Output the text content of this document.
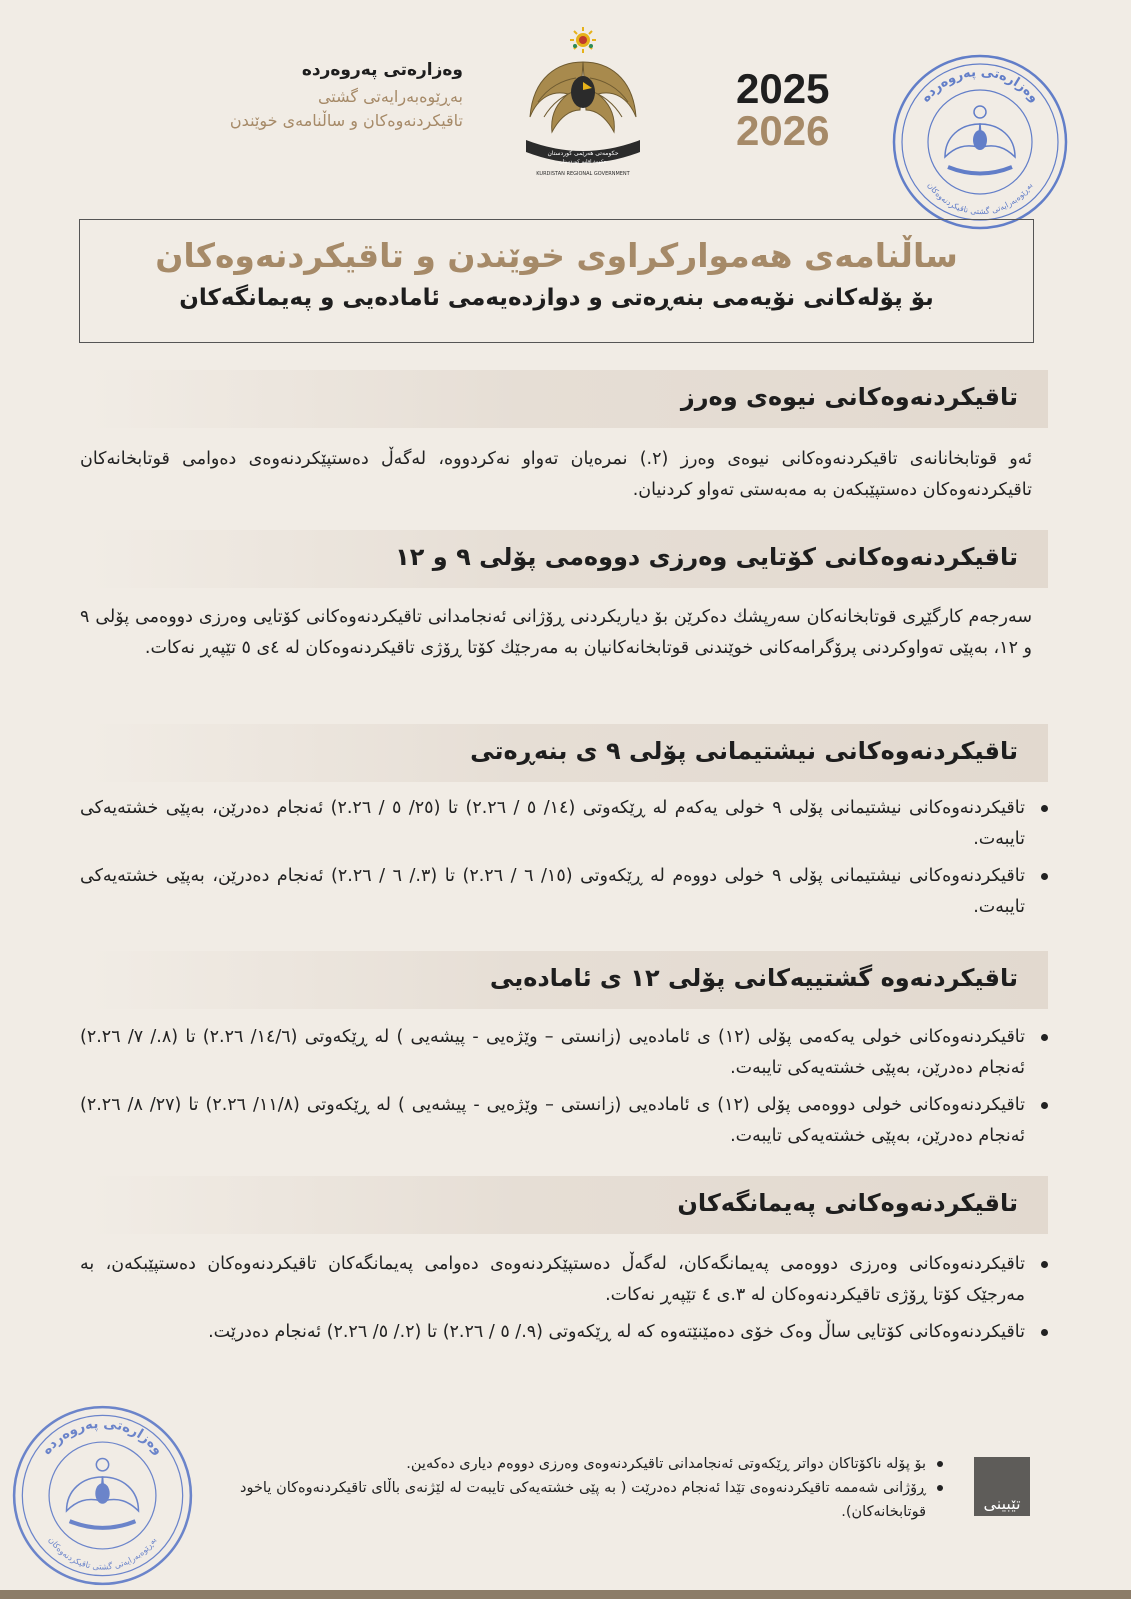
وەزارەتی پەروەردە
بەڕێوەبەرایەتی گشتی
تاقیکردنەوەکان و ساڵنامەی خوێندن
حکومەتی هەرێمی کوردستان
حكومة إقليم كوردستان
KURDISTAN REGIONAL GOVERNMENT
2025
2026
وەزارەتی پەروەردە
بەڕێوەبەرایەتی گشتی تاقیكردنەوەكان
ساڵنامەی هەمواركراوی خوێندن و تاقیكردنەوەكان
بۆ پۆلەكانی نۆیەمی بنەڕەتی و دوازدەیەمی ئامادەیی و پەیمانگەكان
تاقیکردنەوەکانی نیوەی وەرز
ئەو قوتابخانانەی تاقیکردنەوەکانی نیوەی وەرز (٢.) نمرەیان تەواو نەکردووە، لەگەڵ دەستپێکردنەوەی دەوامی قوتابخانەکان تاقیکردنەوەکان دەستپێبکەن بە مەبەستی تەواو کردنیان.
تاقیکردنەوەکانی كۆتایی وەرزی دووەمی پۆلی ٩ و ١٢
سەرجەم كارگێڕی قوتابخانەكان سەرپشك دەكرێن بۆ دیاریكردنی ڕۆژانی ئەنجامدانی تاقیكردنەوەكانی كۆتایی وەرزی دووەمی پۆلی ٩ و ١٢، بەپێی تەواوكردنی پرۆگرامەكانی خوێندنی قوتابخانەكانیان بە مەرجێك كۆتا ڕۆژی تاقیكردنەوەكان لە ٤ی ٥ تێپەڕ نەكات.
تاقیکردنەوەکانی نیشتیمانی پۆلی ٩ ی بنەڕەتی
تاقیکردنەوەکانی نیشتیمانی پۆلی ٩ خولی یەکەم لە ڕێکەوتی (١٤/ ٥ / ٢.٢٦) تا (٢٥/ ٥ / ٢.٢٦) ئەنجام دەدرێن، بەپێی خشتەیەکی تایبەت.
تاقیکردنەوەکانی نیشتیمانی پۆلی ٩ خولی دووەم لە ڕێکەوتی (١٥/ ٦ / ٢.٢٦) تا (٣./ ٦ / ٢.٢٦) ئەنجام دەدرێن، بەپێی خشتەیەکی تایبەت.
تاقیکردنەوە گشتییەکانی پۆلی ١٢ ی ئامادەیی
تاقیکردنەوەکانی خولی یەکەمی پۆلی (١٢) ی ئامادەیی (زانستی – وێژەیی - پیشەیی ) لە ڕێکەوتی (١٤/٦/ ٢.٢٦) تا (٨./ ٧/ ٢.٢٦) ئەنجام دەدرێن، بەپێی خشتەیەکی تایبەت.
تاقیکردنەوەکانی خولی دووەمی پۆلی (١٢) ی ئامادەیی (زانستی – وێژەیی - پیشەیی ) لە ڕێکەوتی (١١/٨/ ٢.٢٦) تا (٢٧/ ٨/ ٢.٢٦) ئەنجام دەدرێن، بەپێی خشتەیەکی تایبەت.
تاقیکردنەوەکانی پەیمانگەکان
تاقیکردنەوەکانی وەرزی دووەمی پەیمانگەکان، لەگەڵ دەستپێکردنەوەی دەوامی پەیمانگەکان تاقیکردنەوەکان دەستپێبکەن، بە مەرجێک کۆتا ڕۆژی تاقیکردنەوەکان لە ٣.ی ٤ تێپەڕ نەکات.
تاقیکردنەوەکانی کۆتایی ساڵ وەک خۆی دەمێنێتەوە کە لە ڕێکەوتی (٩./ ٥ / ٢.٢٦) تا (٢./ ٥/ ٢.٢٦) ئەنجام دەدرێت.
تێبینی
بۆ پۆلە ناكۆتاكان دواتر ڕێكەوتی ئەنجامدانی تاقیكردنەوەی وەرزی دووەم دیاری دەكەین.
ڕۆژانی شەممە تاقیكردنەوەی تێدا ئەنجام دەدرێت ( بە پێی خشتەیەكی تایبەت لە لێژنەی باڵای تاقیكردنەوەكان یاخود قوتابخانەكان).
وەزارەتی پەروەردە
بەڕێوەبەرایەتی گشتی تاقیكردنەوەكان
